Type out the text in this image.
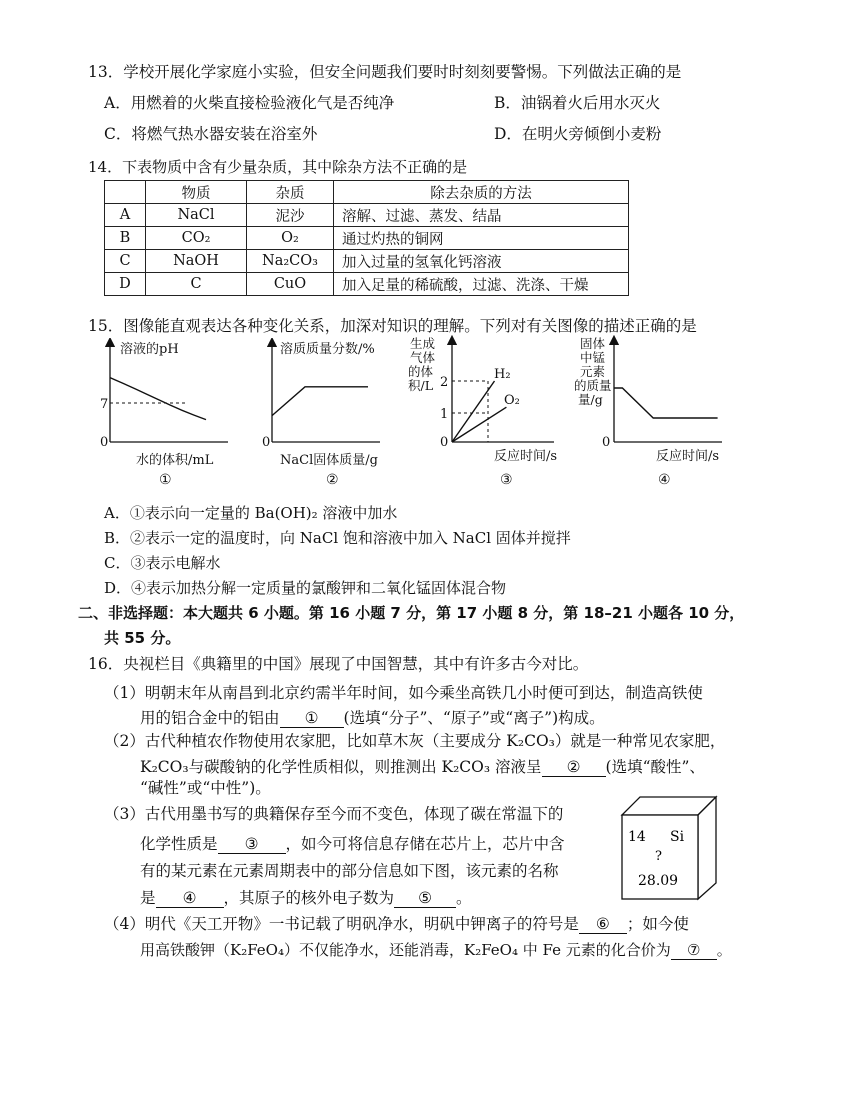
13．学校开展化学家庭小实验，但安全问题我们要时时刻刻要警惕。下列做法正确的是
A．用燃着的火柴直接检验液化气是否纯净	B．油锅着火后用水灭火
C．将燃气热水器安装在浴室外	D．在明火旁倾倒小麦粉
14．下表物质中含有少量杂质，其中除杂方法不正确的是
	物质	杂质	除去杂质的方法
A	NaCl	泥沙	溶解、过滤、蒸发、结晶
B	CO₂	O₂	通过灼热的铜网
C	NaOH	Na₂CO₃	加入过量的氢氧化钙溶液
D	C	CuO	加入足量的稀硫酸，过滤、洗涤、干燥
15．图像能直观表达各种变化关系，加深对知识的理解。下列对有关图像的描述正确的是
溶液的pH
7
0
水的体积/mL
①
溶质质量分数/%
0
NaCl固体质量/g
②
生成气体的体积/L 2
1
0
H₂
O₂
反应时间/s
③
固体中锰元素的质量量/g
0
反应时间/s
④
A．①表示向一定量的 Ba(OH)₂ 溶液中加水
B．②表示一定的温度时，向 NaCl 饱和溶液中加入 NaCl 固体并搅拌
C．③表示电解水
D．④表示加热分解一定质量的氯酸钾和二氧化锰固体混合物
二、非选择题：本大题共 6 小题。第 16 小题 7 分，第 17 小题 8 分，第 18–21 小题各 10 分，
共 55 分。
16．央视栏目《典籍里的中国》展现了中国智慧，其中有许多古今对比。
（1）明朝末年从南昌到北京约需半年时间，如今乘坐高铁几小时便可到达，制造高铁使
用的铝合金中的铝由 ① (选填“分子”、“原子”或“离子”)构成。
（2）古代种植农作物使用农家肥，比如草木灰（主要成分 K₂CO₃）就是一种常见农家肥，
K₂CO₃与碳酸钠的化学性质相似，则推测出 K₂CO₃ 溶液呈 ② (选填“酸性”、
“碱性”或“中性”)。
（3）古代用墨书写的典籍保存至今而不变色，体现了碳在常温下的
化学性质是 ③ ，如今可将信息存储在芯片上，芯片中含
有的某元素在元素周期表中的部分信息如下图，该元素的名称
是 ④ ，其原子的核外电子数为 ⑤ 。
14 Si
?
28.09
（4）明代《天工开物》一书记载了明矾净水，明矾中钾离子的符号是 ⑥ ；如今使
用高铁酸钾（K₂FeO₄）不仅能净水，还能消毒，K₂FeO₄ 中 Fe 元素的化合价为 ⑦ 。
